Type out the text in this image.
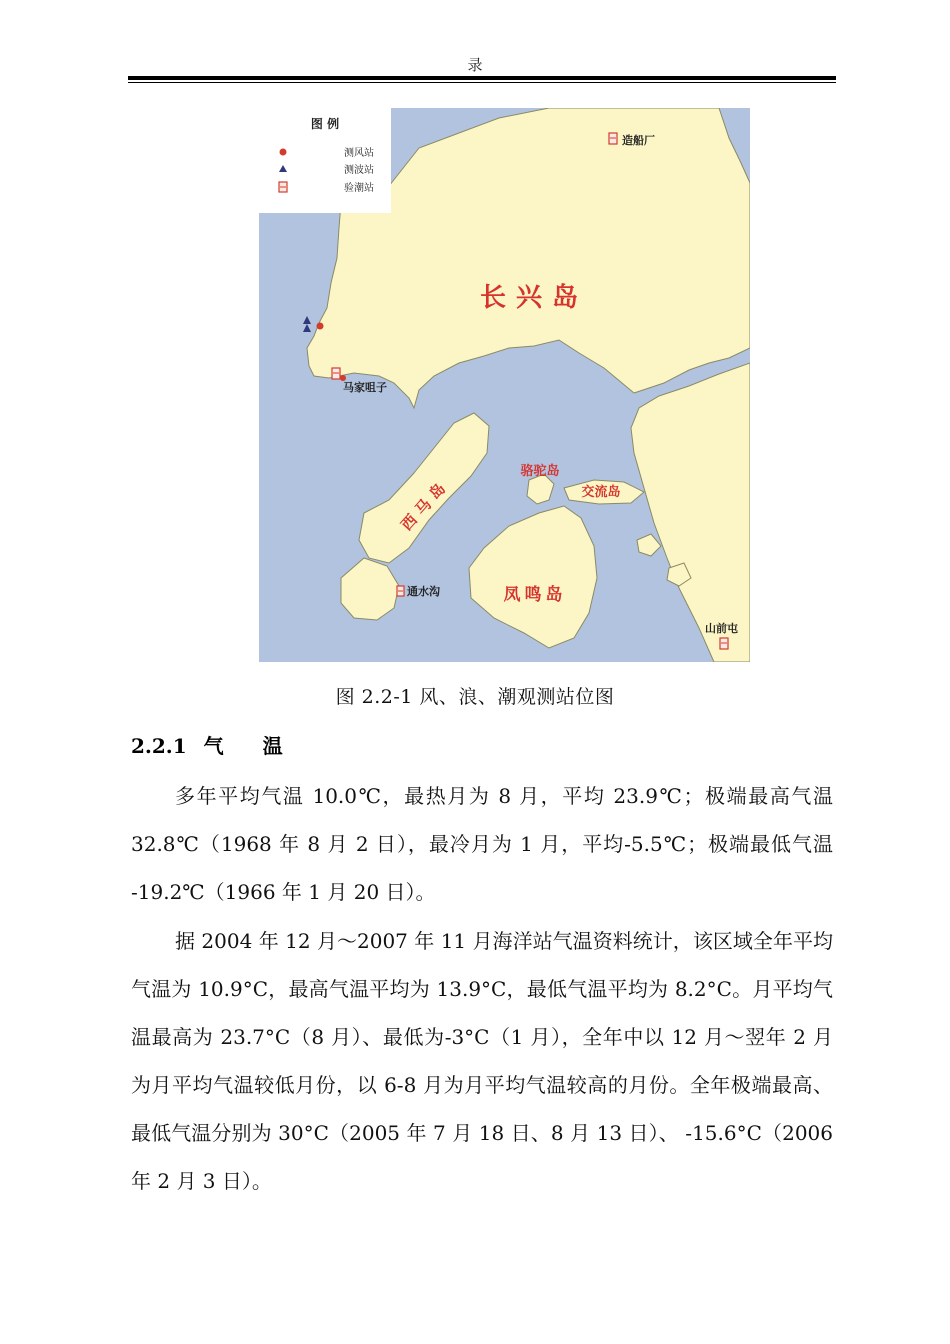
录
图 例
测风站
测波站
验潮站
造船厂
马家咀子
通水沟
山前屯
长兴岛
西马岛
骆驼岛
交流岛
凤鸣岛
图 2.2-1 风、浪、潮观测站位图
2.2.1 气 温

多年平均气温 10.0℃，最热月为 8 月，平均 23.9℃；极端最高气温 32.8℃（1968 年 8 月 2 日），最冷月为 1 月，平均-5.5℃；极端最低气温 -19.2℃（1966 年 1 月 20 日）。

据 2004 年 12 月～2007 年 11 月海洋站气温资料统计，该区域全年平均气温为 10.9°C，最高气温平均为 13.9°C，最低气温平均为 8.2°C。月平均气温最高为 23.7°C（8 月）、最低为-3°C（1 月），全年中以 12 月～翌年 2 月为月平均气温较低月份，以 6-8 月为月平均气温较高的月份。全年极端最高、最低气温分别为 30°C（2005 年 7 月 18 日、8 月 13 日）、 -15.6°C（2006 年 2 月 3 日）。
